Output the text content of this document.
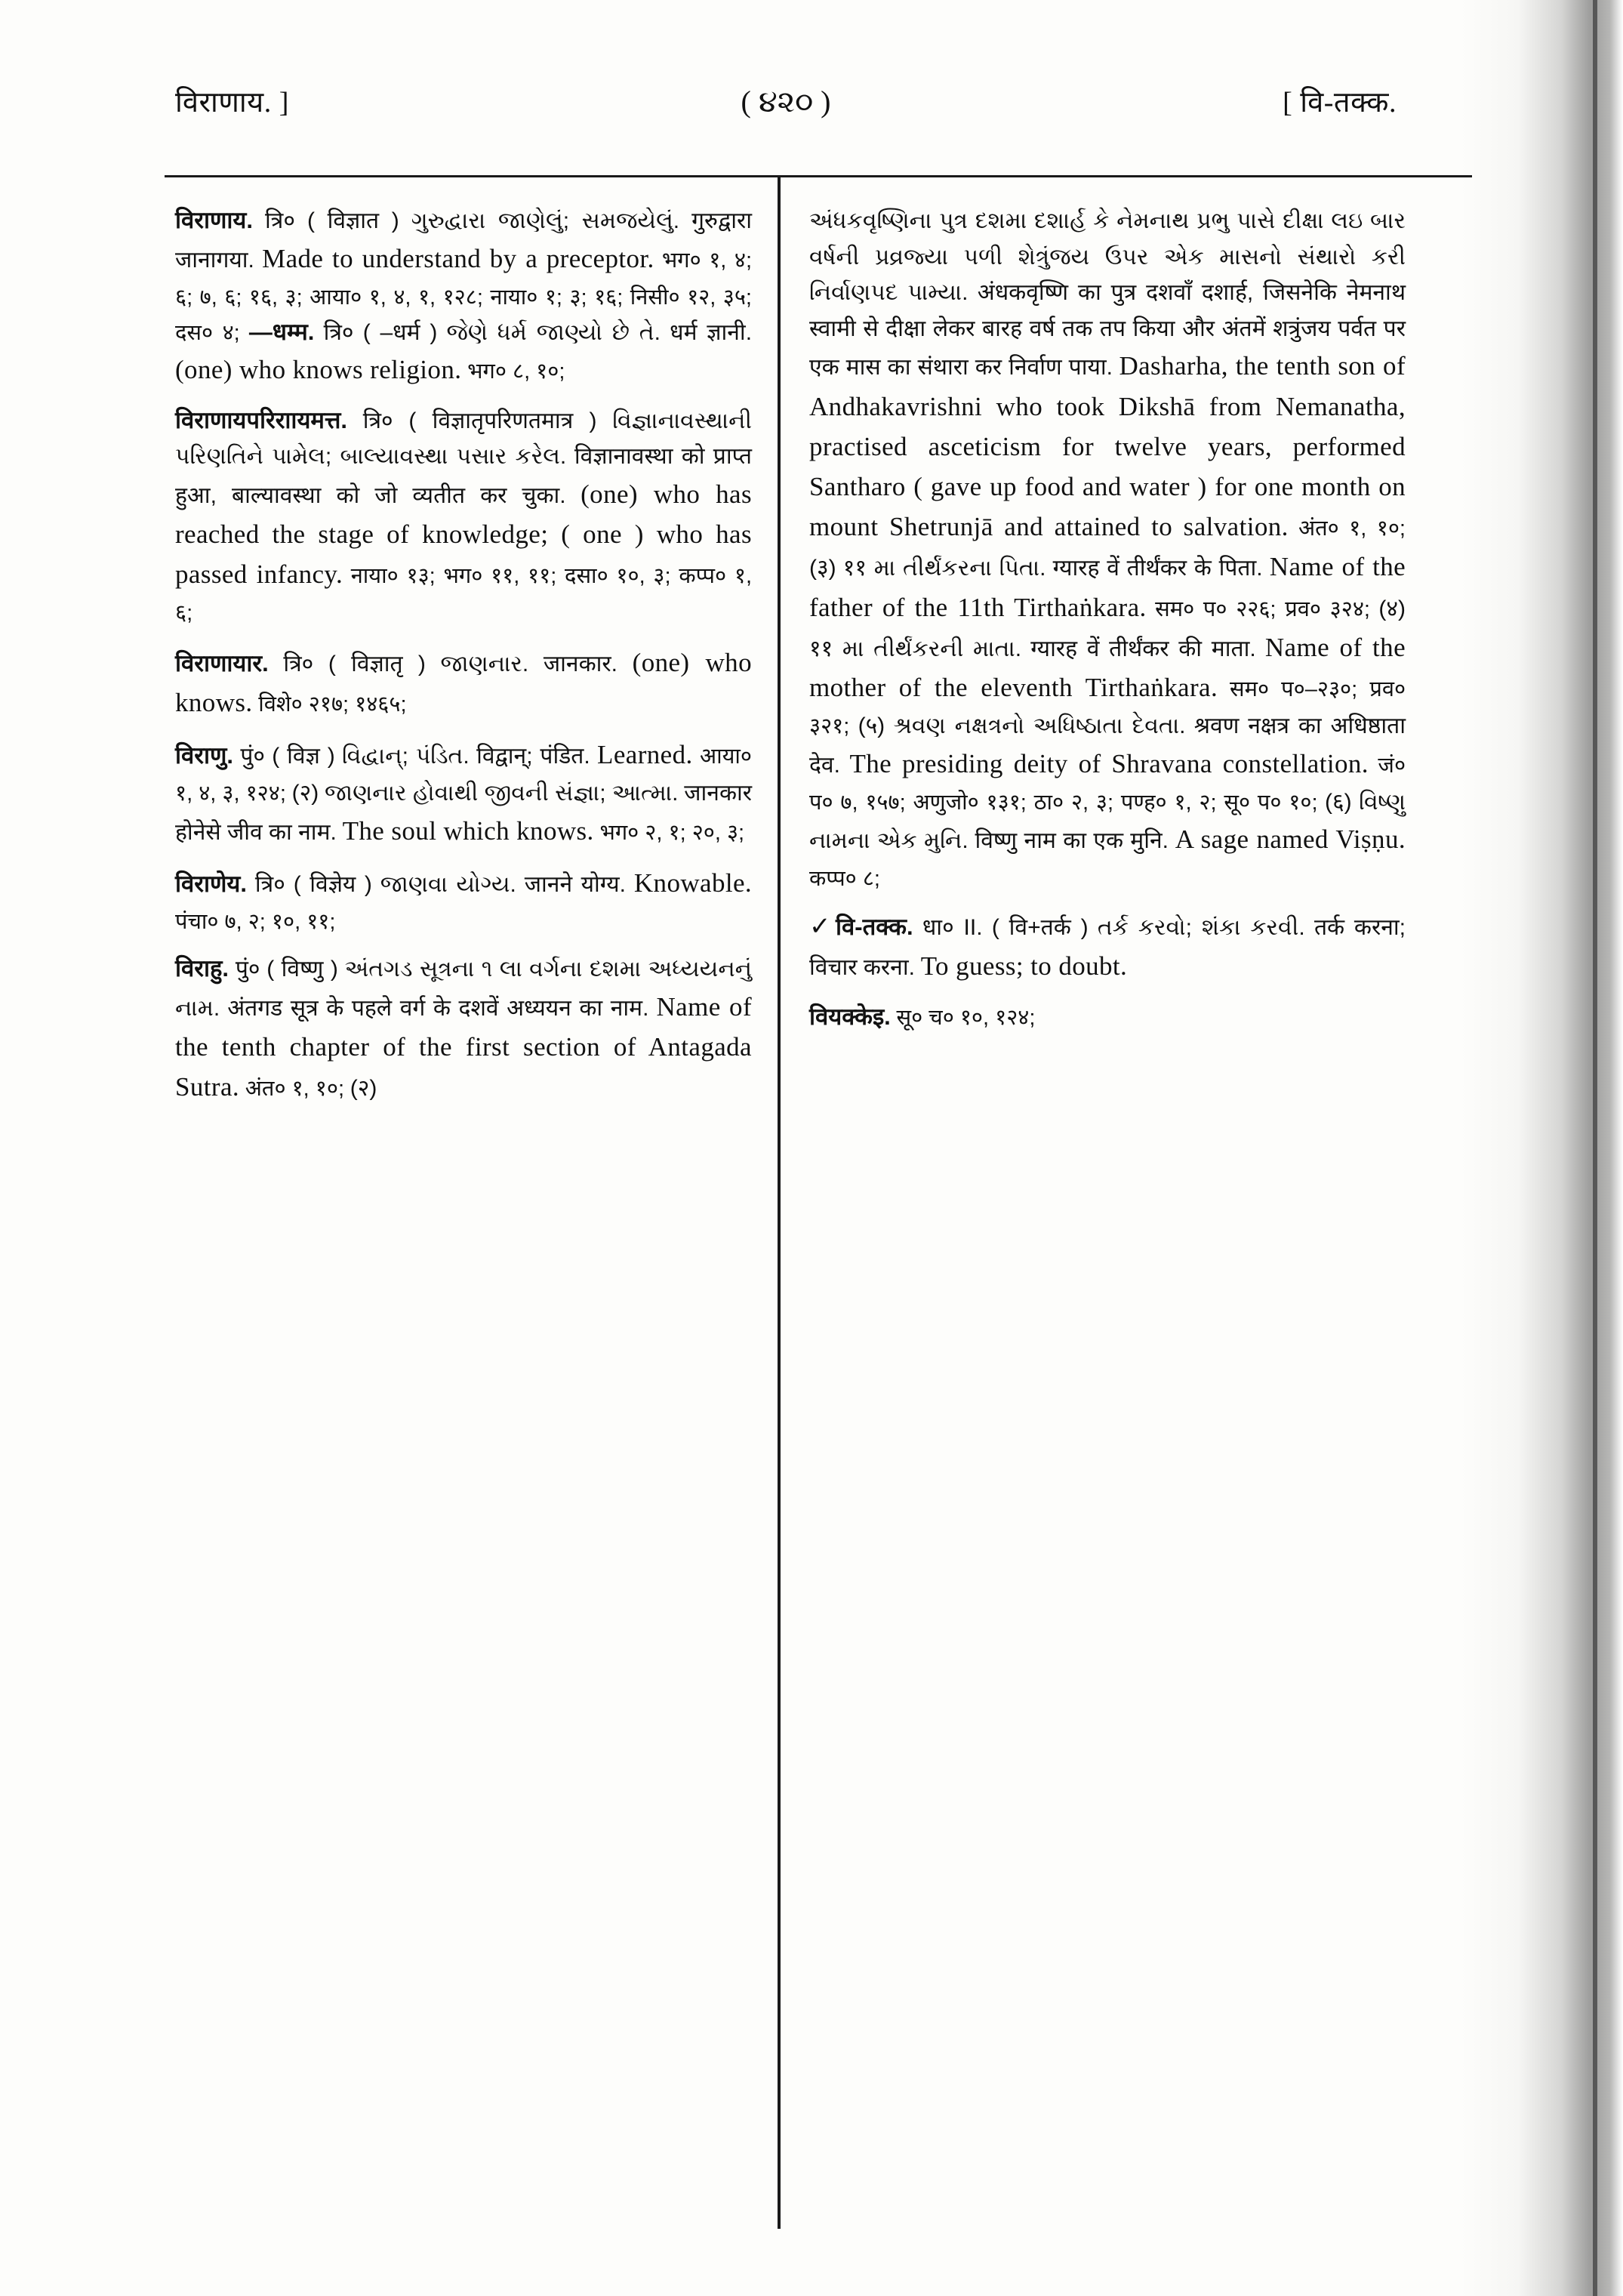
विराणाय. ]	( ૪૨૦ )	[ वि-तक्क.
विराणाय. त्रि० ( विज्ञात ) ગુરુદ્વારા જાણેલું; સમજયેલું. गुरुद्वारा जानागया. Made to understand by a preceptor. भग० १, ४; ६; ७, ६; १६, ३; आया० १, ४, १, १२८; नाया० १; ३; १६; निसी० १२, ३५; दस० ४; —धम्म. त्रि० ( –धर्म ) જેણે ધર્મ જાણ્યો છે તે. धर्म ज्ञानी. (one) who knows religion. भग० ८, १०;
विराणायपरिराायमत्त. त्रि० ( विज्ञातृपरिणतमात्र ) વિજ્ઞાનાવસ્થાની પરિણતિને પામેલ; બાલ્યાવસ્થા પસાર કરેલ. विज्ञानावस्था को प्राप्त हुआ, बाल्यावस्था को जो व्यतीत कर चुका. (one) who has reached the stage of knowledge; ( one ) who has passed infancy. नाया० १३; भग० ११, ११; दसा० १०, ३; कप्प० १, ६;
विराणायार. त्रि० ( विज्ञातृ ) જાણનાર. जानकार. (one) who knows. विशे० २१७; १४६५;
विराणु. पुं० ( विज्ञ ) વિદ્વાન્; પંડિત. विद्वान्; पंडित. Learned. आया० १, ४, ३, १२४; (२) જાણનાર હોવાથી જીવની સંજ્ઞા; આત્મા. जानकार होनेसे जीव का नाम. The soul which knows. भग० २, १; २०, ३;
विराणेय. त्रि० ( विज्ञेय ) જાણવા યોગ્ય. जानने योग्य. Knowable. पंचा० ७, २; १०, ११;
विराहु. पुं० ( विष्णु ) અંતગડ સૂત્રના ૧ લા વર્ગના દશમા અધ્યયનનું નામ. अंतगड सूत्र के पहले वर्ग के दशवें अध्ययन का नाम. Name of the tenth chapter of the first section of Antagada Sutra. अंत० १, १०; (२)
અંધકવૃષ્ણિના પુત્ર દશમા દશાર્હ કે નેમનાથ પ્રભુ પાસે દીક્ષા લઇ બાર વર્ષની પ્રવ્રજ્યા પળી શેત્રુંજય ઉપર એક માસનો સંથારો કરી નિર્વાણપદ પામ્યા. अंधकवृष्णि का पुत्र दशवाँ दशार्ह, जिसनेकि नेमनाथ स्वामी से दीक्षा लेकर बारह वर्ष तक तप किया और अंतमें शत्रुंजय पर्वत पर एक मास का संथारा कर निर्वाण पाया. Dasharha, the tenth son of Andhakavrishni who took Dikshā from Nemanatha, practised asceticism for twelve years, performed Santharo ( gave up food and water ) for one month on mount Shetrunjā and attained to salvation. अंत० १, १०; (३) ११ મા તીર્થંકરના પિતા. ग्यारह वें तीर्थंकर के पिता. Name of the father of the 11th Tirthaṅkara. सम० प० २२६; प्रव० ३२४; (४) ११ મા તીર્થંકરની માતા. ग्यारह वें तीर्थंकर की माता. Name of the mother of the eleventh Tirthaṅkara. सम० प०–२३०; प्रव० ३२१; (५) શ્રવણ નક્ષત્રનો અધિષ્ઠાતા દેવતા. श्रवण नक्षत्र का अधिष्ठाता देव. The presiding deity of Shravana constellation. जं० प० ७, १५७; अणुजो० १३१; ठा० २, ३; पण्ह० १, २; सू० प० १०; (६) વિષ્ણુ નામના એક મુનિ. विष्णु नाम का एक मुनि. A sage named Viṣṇu. कप्प० ८;
✓वि-तक्क. धा० II. ( वि+तर्क ) તર્ક કરવો; શંકા કરવી. तर्क करना; विचार करना. To guess; to doubt.
वियक्केइ. सू० च० १०, १२४;
